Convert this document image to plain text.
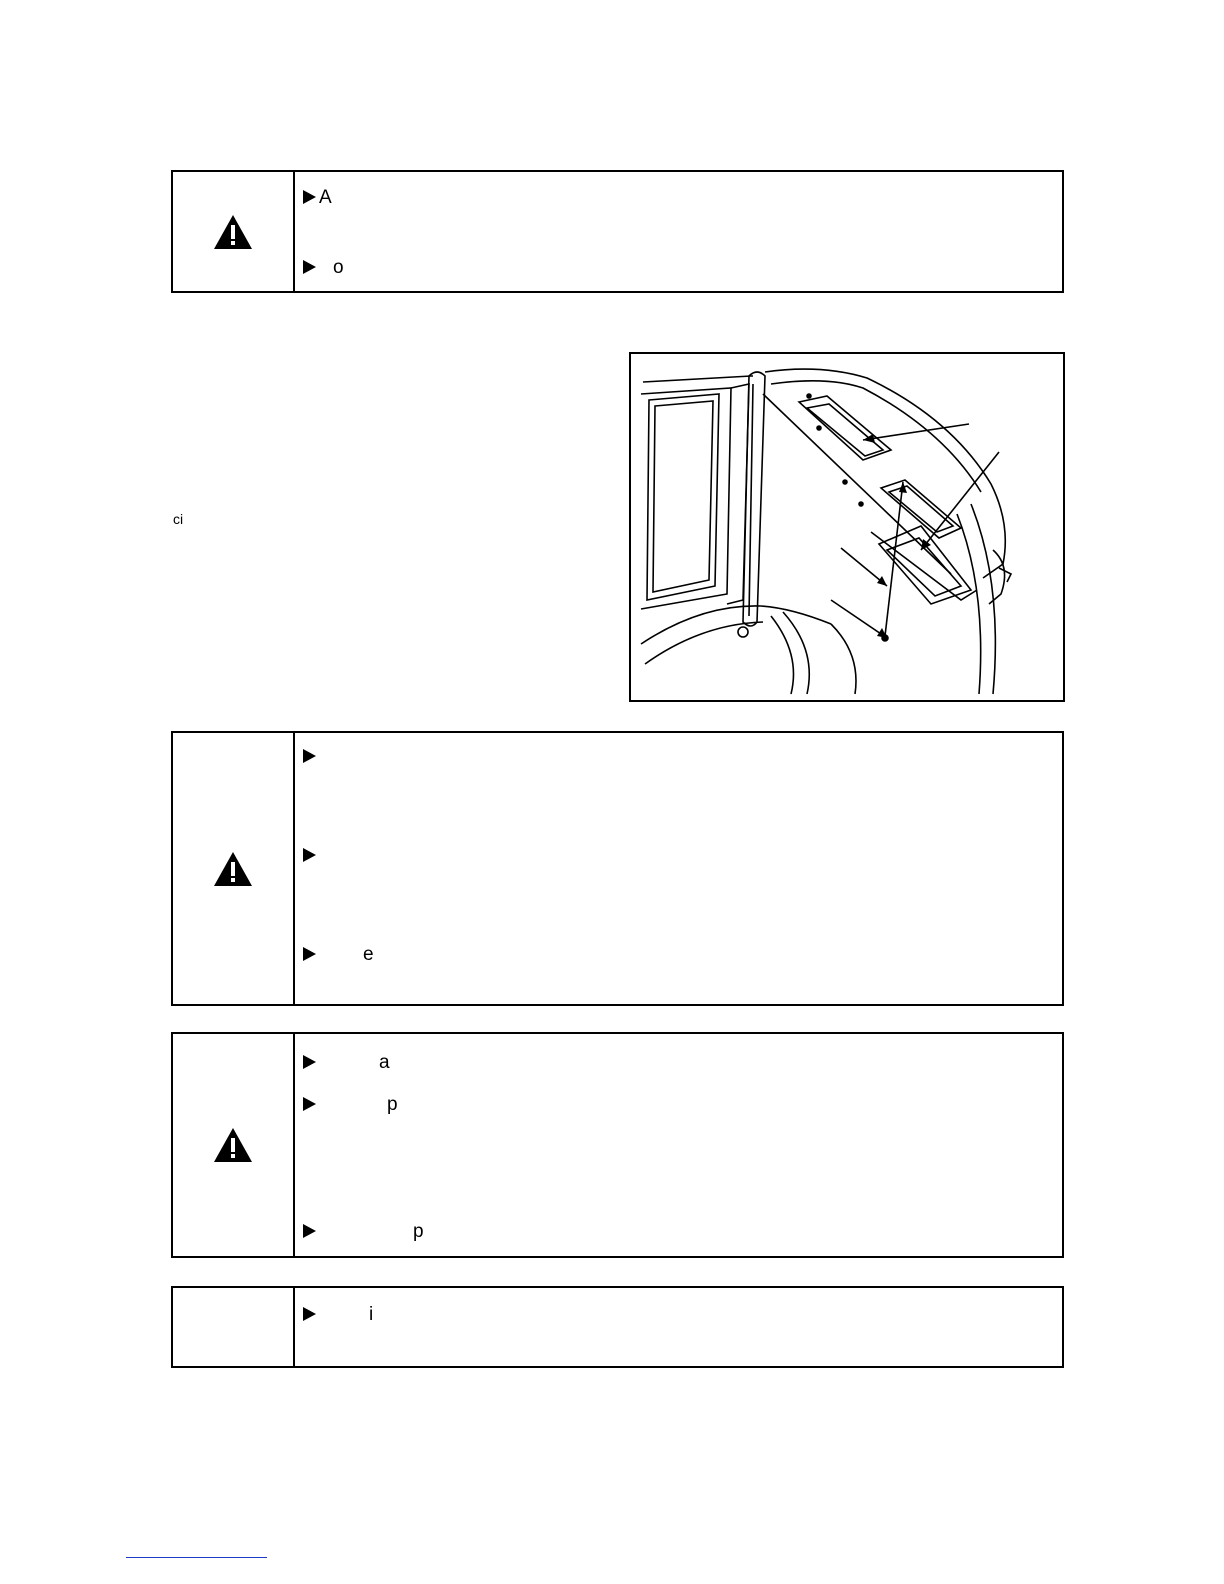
A
o
ci
e
a
p
p
i
